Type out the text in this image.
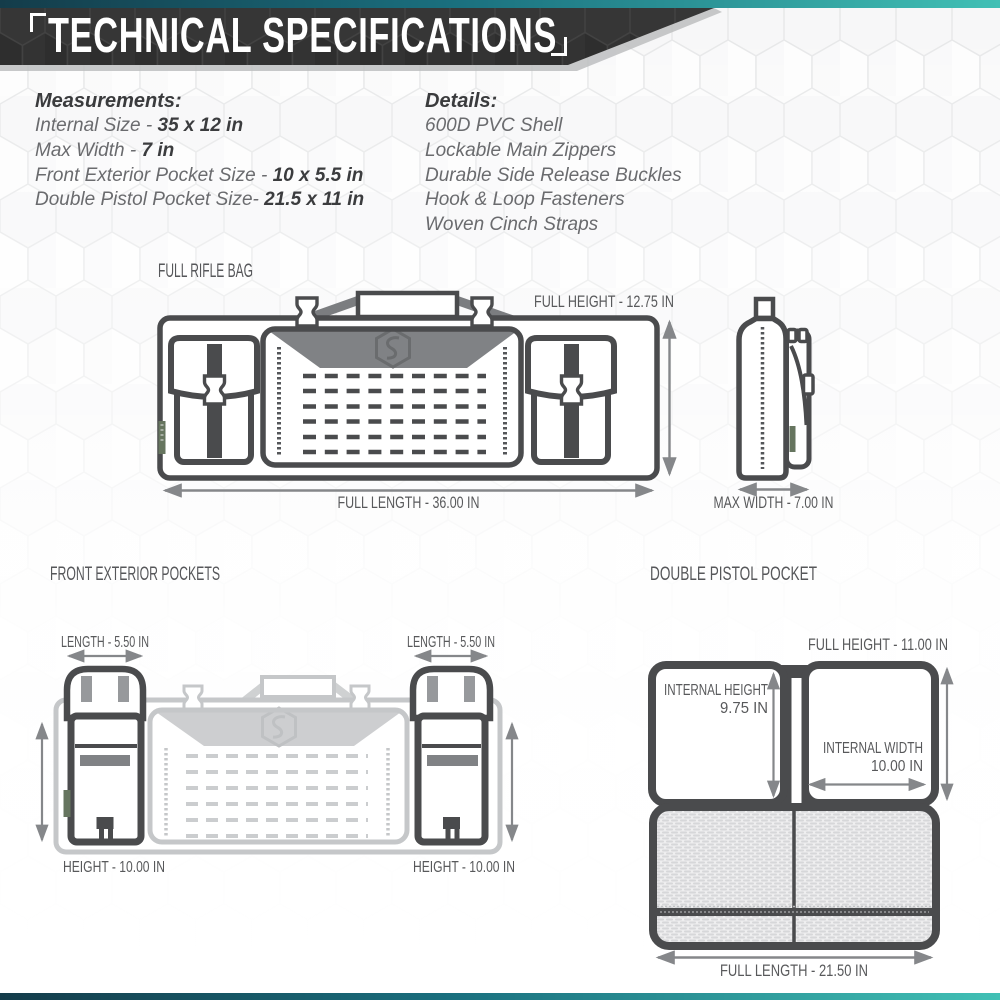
TECHNICAL SPECIFICATIONS
Measurements:
Internal Size - 35 x 12 in
Max Width - 7 in
Front Exterior Pocket Size - 10 x 5.5 in
Double Pistol Pocket Size- 21.5 x 11 in
Details:
600D PVC Shell
Lockable Main Zippers
Durable Side Release Buckles
Hook & Loop Fasteners
Woven Cinch Straps
FULL RIFLE BAG
FULL HEIGHT - 12.75 IN
FULL LENGTH - 36.00 IN	MAX WIDTH - 7.00 IN
FRONT EXTERIOR POCKETS
LENGTH - 5.50 IN	LENGTH - 5.50 IN
HEIGHT - 10.00 IN	HEIGHT - 10.00 IN
DOUBLE PISTOL POCKET
FULL HEIGHT - 11.00 IN
INTERNAL HEIGHT
9.75 IN
INTERNAL WIDTH
10.00 IN
FULL LENGTH - 21.50 IN
